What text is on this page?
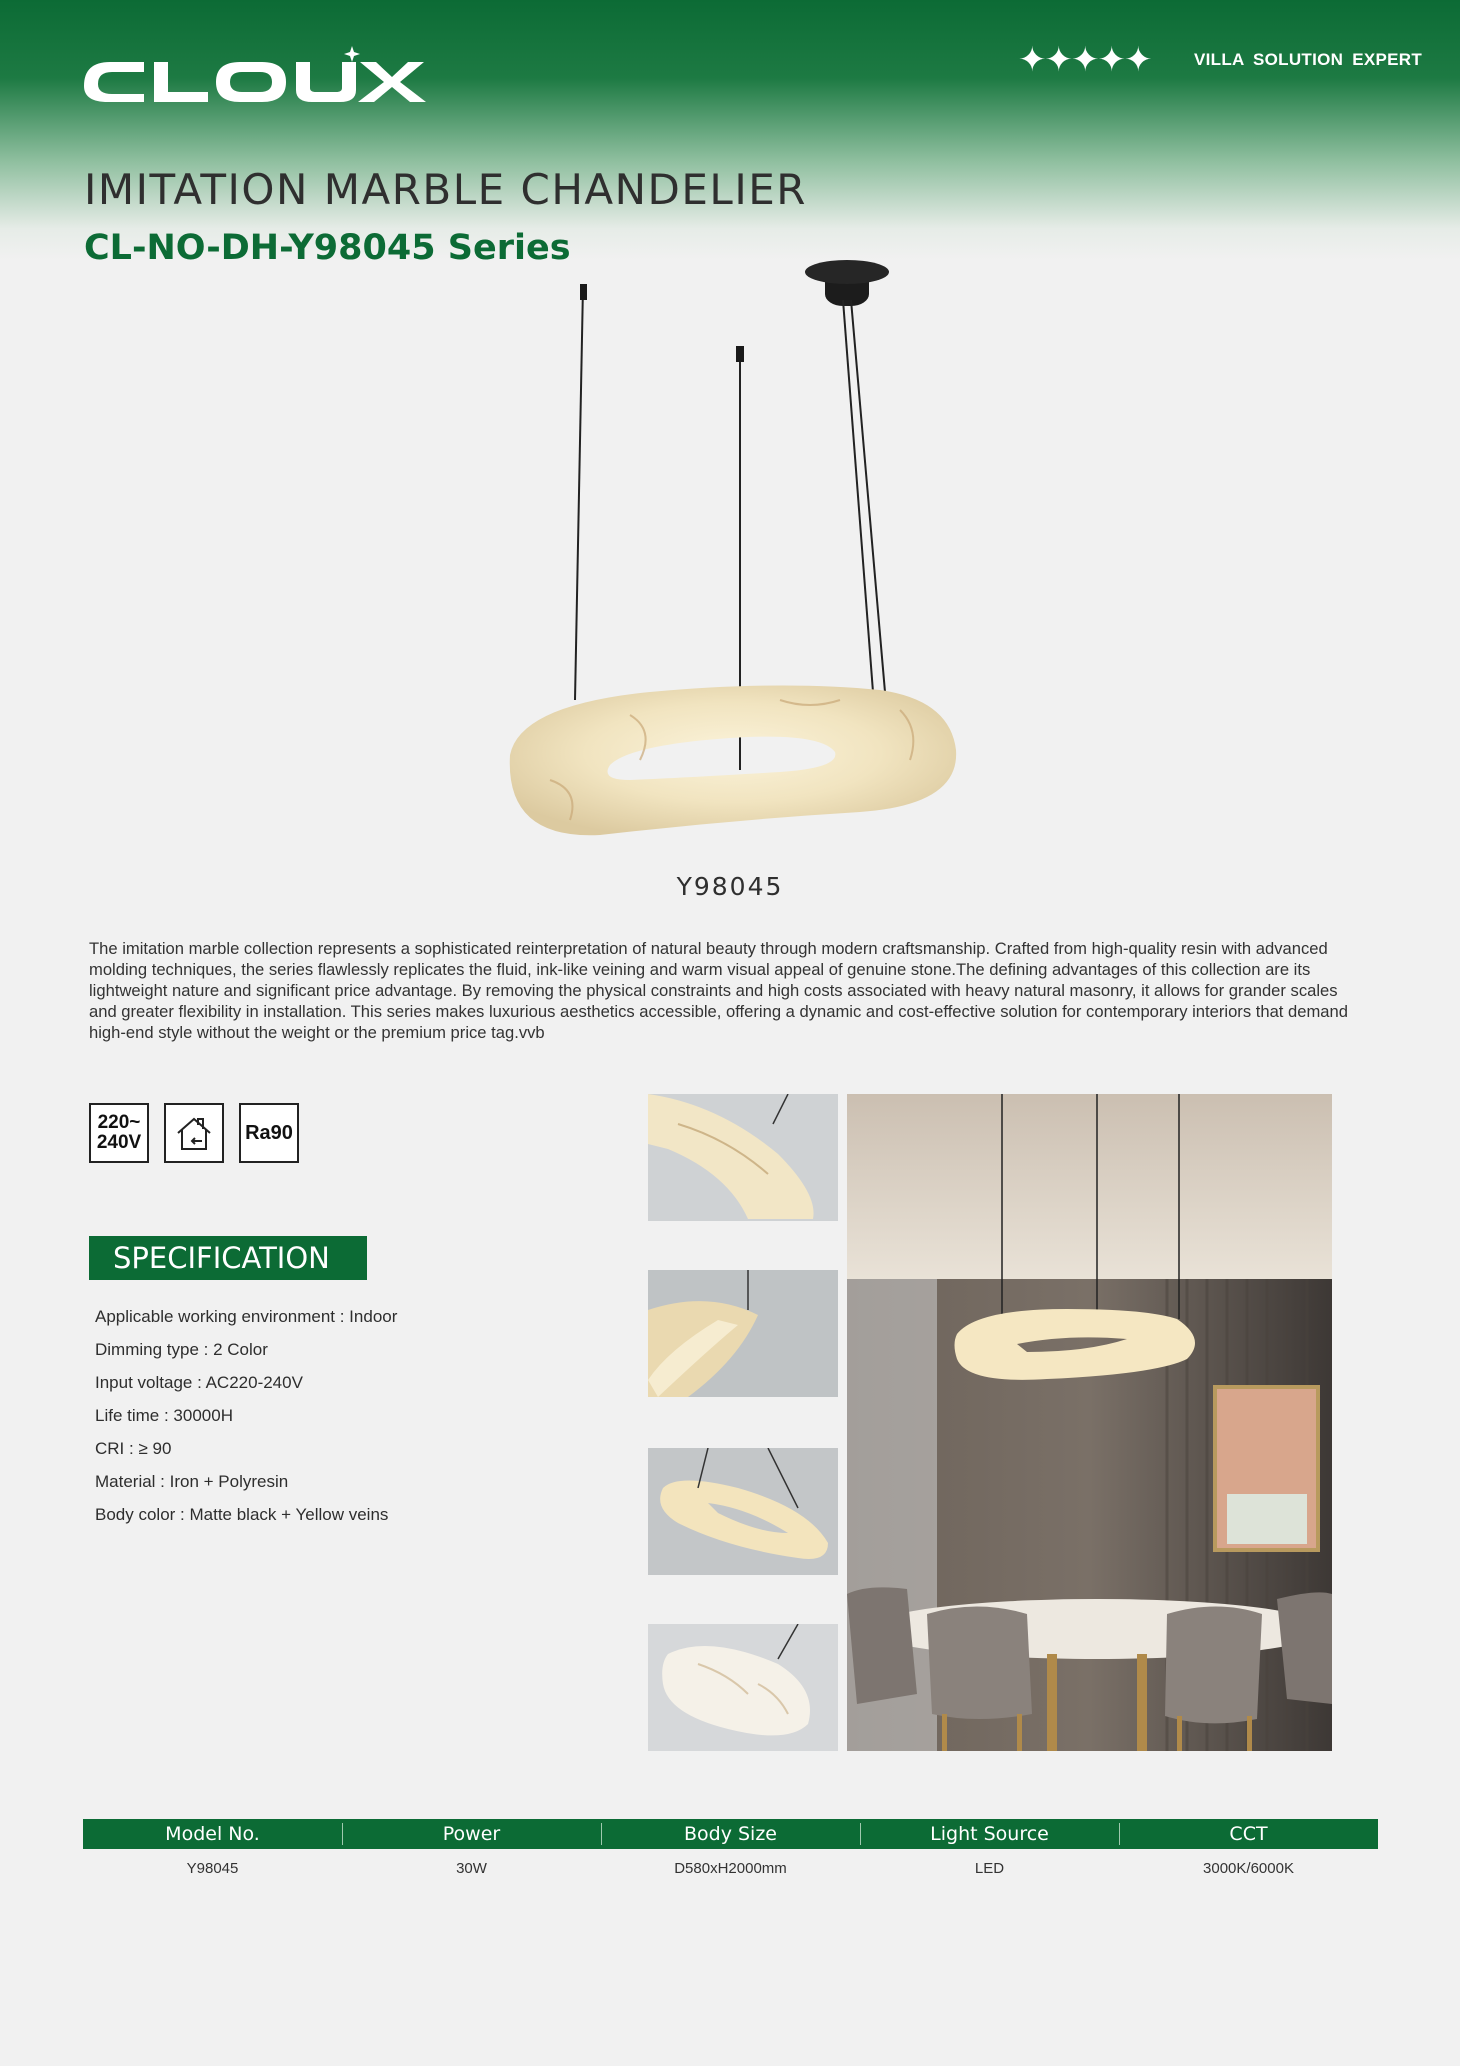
✦✦✦✦✦	VILLA SOLUTION EXPERT
IMITATION MARBLE CHANDELIER
CL-NO-DH-Y98045 Series
Y98045

The imitation marble collection represents a sophisticated reinterpretation of natural beauty through modern craftsmanship. Crafted from high-quality resin with advanced molding techniques, the series flawlessly replicates the fluid, ink-like veining and warm visual appeal of genuine stone.The defining advantages of this collection are its lightweight nature and significant price advantage. By removing the physical constraints and high costs associated with heavy natural masonry, it allows for grander scales and greater flexibility in installation. This series makes luxurious aesthetics accessible, offering a dynamic and cost-effective solution for contemporary interiors that demand high-end style without the weight or the premium price tag.vvb

220~
240V	Ra90
SPECIFICATION
Applicable working environment : Indoor
Dimming type : 2 Color
Input voltage : AC220-240V
Life time : 30000H
CRI : ≥ 90
Material : Iron + Polyresin
Body color : Matte black + Yellow veins
Model No.	Power	Body Size	Light Source	CCT
Y98045	30W	D580xH2000mm	LED	3000K/6000K
